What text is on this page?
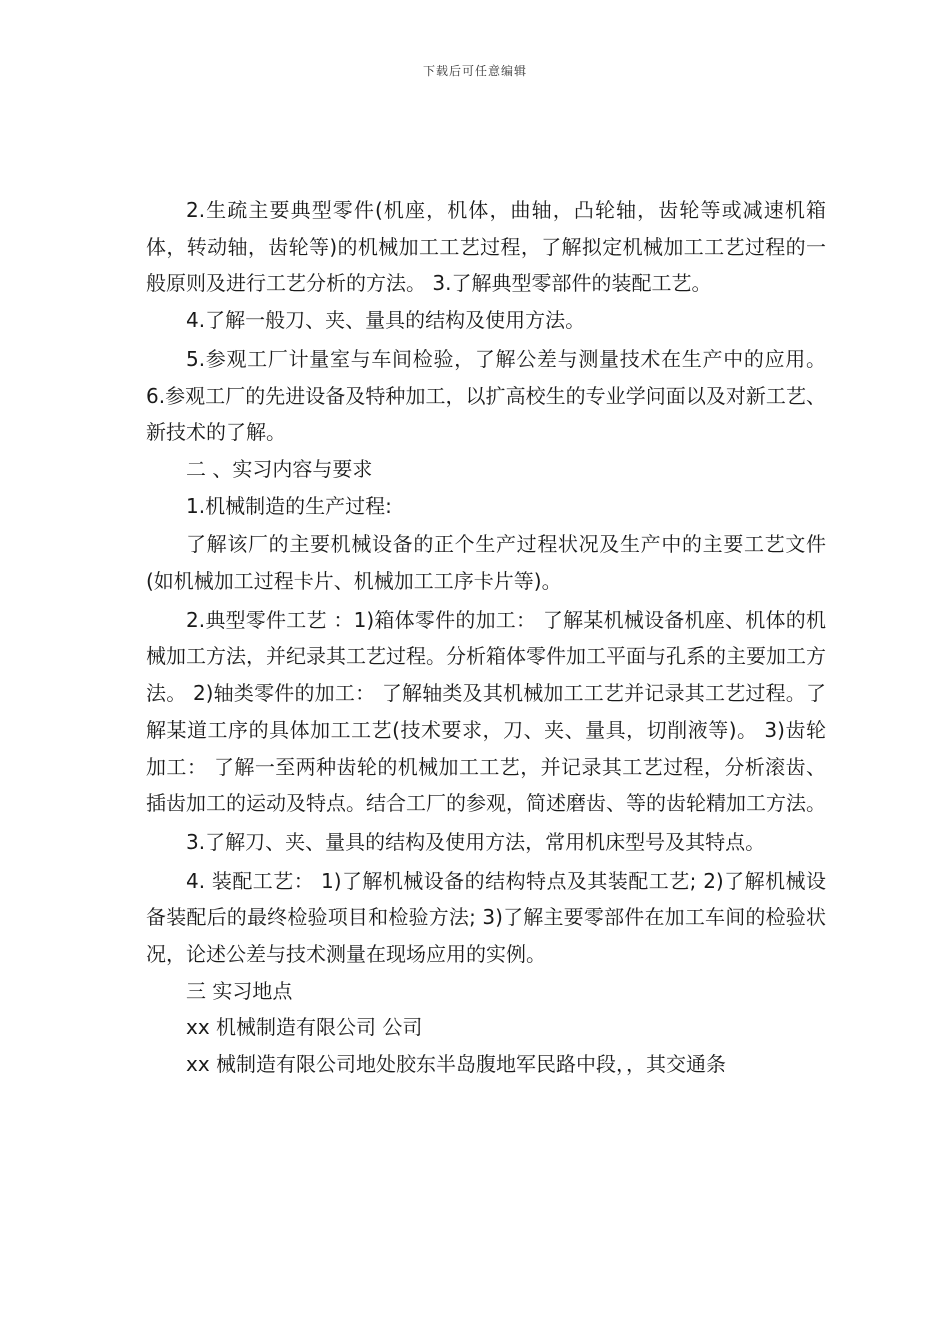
下载后可任意编辑

2.生疏主要典型零件(机座，机体，曲轴，凸轮轴，齿轮等或减速机箱体，转动轴，齿轮等)的机械加工工艺过程，了解拟定机械加工工艺过程的一般原则及进行工艺分析的方法。 3.了解典型零部件的装配工艺。

4.了解一般刀、夹、量具的结构及使用方法。

5.参观工厂计量室与车间检验，了解公差与测量技术在生产中的应用。 6.参观工厂的先进设备及特种加工，以扩高校生的专业学问面以及对新工艺、新技术的了解。

二 、实习内容与要求

1.机械制造的生产过程:

了解该厂的主要机械设备的正个生产过程状况及生产中的主要工艺文件(如机械加工过程卡片、机械加工工序卡片等)。

2.典型零件工艺 ：1)箱体零件的加工： 了解某机械设备机座、机体的机械加工方法，并纪录其工艺过程。分析箱体零件加工平面与孔系的主要加工方法。 2)轴类零件的加工： 了解轴类及其机械加工工艺并记录其工艺过程。了解某道工序的具体加工工艺(技术要求，刀、夹、量具，切削液等)。 3)齿轮加工： 了解一至两种齿轮的机械加工工艺，并记录其工艺过程，分析滚齿、插齿加工的运动及特点。结合工厂的参观，简述磨齿、等的齿轮精加工方法。

3.了解刀、夹、量具的结构及使用方法，常用机床型号及其特点。

4. 装配工艺： 1)了解机械设备的结构特点及其装配工艺; 2)了解机械设备装配后的最终检验项目和检验方法; 3)了解主要零部件在加工车间的检验状况，论述公差与技术测量在现场应用的实例。

三 实习地点

xx 机械制造有限公司 公司

xx 械制造有限公司地处胶东半岛腹地军民路中段，，其交通条
